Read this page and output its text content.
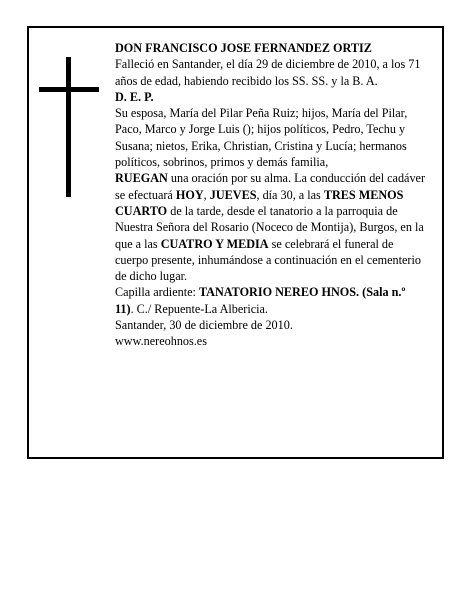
DON FRANCISCO JOSE FERNANDEZ ORTIZ

Falleció en Santander, el día 29 de diciembre de 2010, a los 71 años de edad, habiendo recibido los SS. SS. y la B. A.

D. E. P.

Su esposa, María del Pilar Peña Ruiz; hijos, María del Pilar, Paco, Marco y Jorge Luis (); hijos políticos, Pedro, Techu y Susana; nietos, Erika, Christian, Cristina y Lucía; hermanos políticos, sobrinos, primos y demás familia,

RUEGAN una oración por su alma. La conducción del cadáver se efectuará HOY, JUEVES, día 30, a las TRES MENOS CUARTO de la tarde, desde el tanatorio a la parroquia de Nuestra Señora del Rosario (Noceco de Montija), Burgos, en la que a las CUATRO Y MEDIA se celebrará el funeral de cuerpo presente, inhumándose a continuación en el cementerio de dicho lugar.

Capilla ardiente: TANATORIO NEREO HNOS. (Sala n.º 11). C./ Repuente-La Albericia.

Santander, 30 de diciembre de 2010.

www.nereohnos.es
